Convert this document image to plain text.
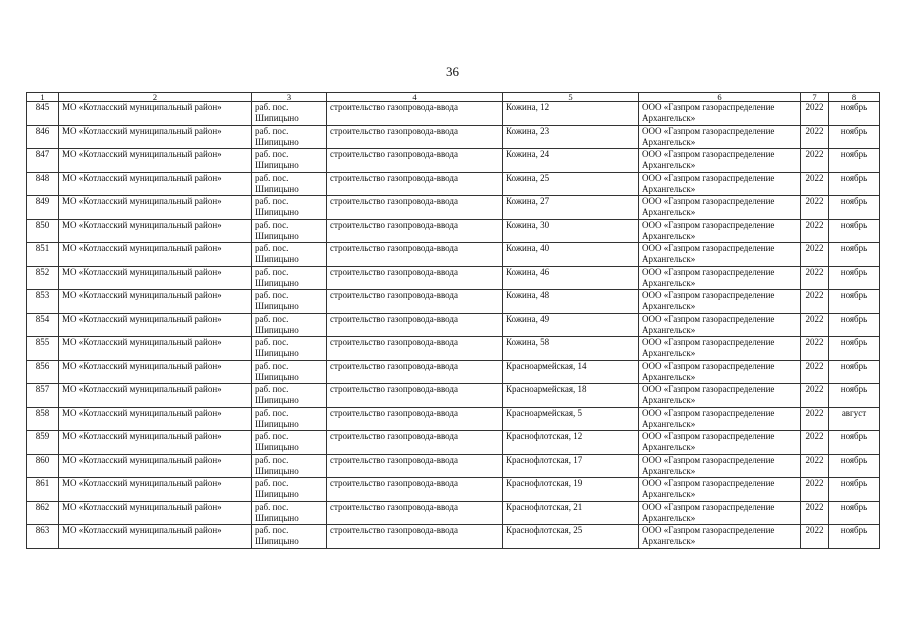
36
1	2	3	4	5	6	7	8
845	МО «Котласский муниципальный район»	раб. пос. Шипицыно	строительство газопровода-ввода	Кожина, 12	ООО «Газпром газораспределение Архангельск»	2022	ноябрь
846	МО «Котласский муниципальный район»	раб. пос. Шипицыно	строительство газопровода-ввода	Кожина, 23	ООО «Газпром газораспределение Архангельск»	2022	ноябрь
847	МО «Котласский муниципальный район»	раб. пос. Шипицыно	строительство газопровода-ввода	Кожина, 24	ООО «Газпром газораспределение Архангельск»	2022	ноябрь
848	МО «Котласский муниципальный район»	раб. пос. Шипицыно	строительство газопровода-ввода	Кожина, 25	ООО «Газпром газораспределение Архангельск»	2022	ноябрь
849	МО «Котласский муниципальный район»	раб. пос. Шипицыно	строительство газопровода-ввода	Кожина, 27	ООО «Газпром газораспределение Архангельск»	2022	ноябрь
850	МО «Котласский муниципальный район»	раб. пос. Шипицыно	строительство газопровода-ввода	Кожина, 30	ООО «Газпром газораспределение Архангельск»	2022	ноябрь
851	МО «Котласский муниципальный район»	раб. пос. Шипицыно	строительство газопровода-ввода	Кожина, 40	ООО «Газпром газораспределение Архангельск»	2022	ноябрь
852	МО «Котласский муниципальный район»	раб. пос. Шипицыно	строительство газопровода-ввода	Кожина, 46	ООО «Газпром газораспределение Архангельск»	2022	ноябрь
853	МО «Котласский муниципальный район»	раб. пос. Шипицыно	строительство газопровода-ввода	Кожина, 48	ООО «Газпром газораспределение Архангельск»	2022	ноябрь
854	МО «Котласский муниципальный район»	раб. пос. Шипицыно	строительство газопровода-ввода	Кожина, 49	ООО «Газпром газораспределение Архангельск»	2022	ноябрь
855	МО «Котласский муниципальный район»	раб. пос. Шипицыно	строительство газопровода-ввода	Кожина, 58	ООО «Газпром газораспределение Архангельск»	2022	ноябрь
856	МО «Котласский муниципальный район»	раб. пос. Шипицыно	строительство газопровода-ввода	Красноармейская, 14	ООО «Газпром газораспределение Архангельск»	2022	ноябрь
857	МО «Котласский муниципальный район»	раб. пос. Шипицыно	строительство газопровода-ввода	Красноармейская, 18	ООО «Газпром газораспределение Архангельск»	2022	ноябрь
858	МО «Котласский муниципальный район»	раб. пос. Шипицыно	строительство газопровода-ввода	Красноармейская, 5	ООО «Газпром газораспределение Архангельск»	2022	август
859	МО «Котласский муниципальный район»	раб. пос. Шипицыно	строительство газопровода-ввода	Краснофлотская, 12	ООО «Газпром газораспределение Архангельск»	2022	ноябрь
860	МО «Котласский муниципальный район»	раб. пос. Шипицыно	строительство газопровода-ввода	Краснофлотская, 17	ООО «Газпром газораспределение Архангельск»	2022	ноябрь
861	МО «Котласский муниципальный район»	раб. пос. Шипицыно	строительство газопровода-ввода	Краснофлотская, 19	ООО «Газпром газораспределение Архангельск»	2022	ноябрь
862	МО «Котласский муниципальный район»	раб. пос. Шипицыно	строительство газопровода-ввода	Краснофлотская, 21	ООО «Газпром газораспределение Архангельск»	2022	ноябрь
863	МО «Котласский муниципальный район»	раб. пос. Шипицыно	строительство газопровода-ввода	Краснофлотская, 25	ООО «Газпром газораспределение Архангельск»	2022	ноябрь
